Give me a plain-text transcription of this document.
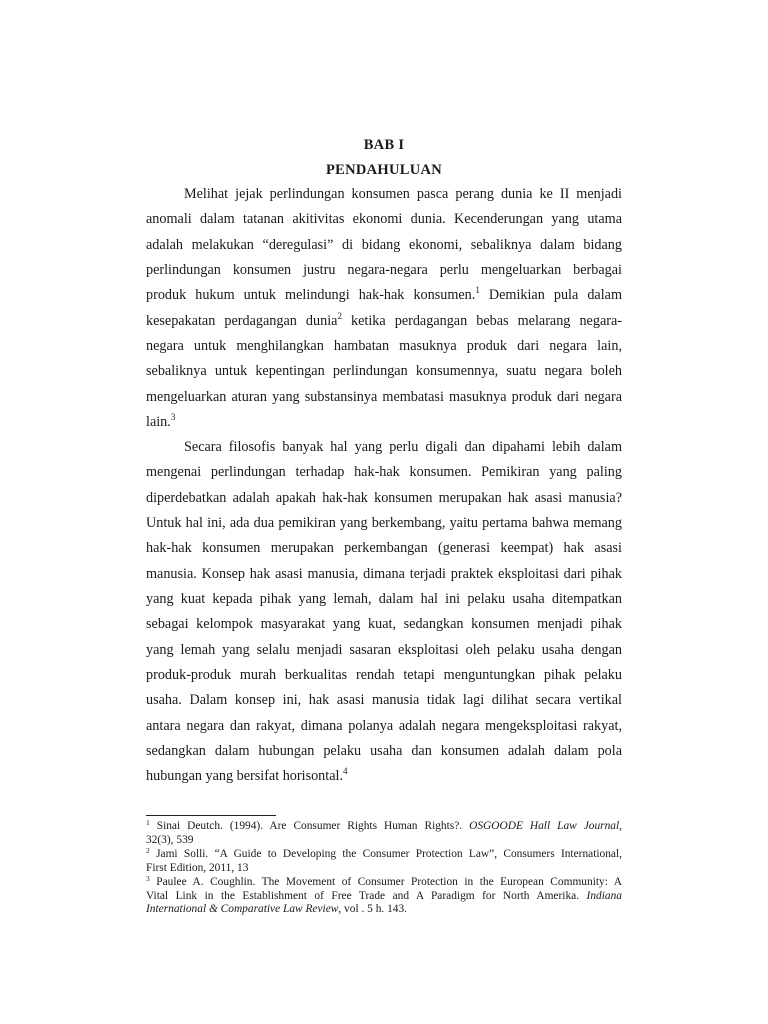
BAB I
PENDAHULUAN
Melihat jejak perlindungan konsumen pasca perang dunia ke II menjadi
anomali dalam tatanan akitivitas ekonomi dunia. Kecenderungan yang utama
adalah melakukan “deregulasi” di bidang ekonomi, sebaliknya dalam bidang
perlindungan konsumen justru negara-negara perlu mengeluarkan berbagai
produk hukum untuk melindungi hak-hak konsumen.$^1$ Demikian pula dalam
kesepakatan perdagangan dunia$^2$ ketika perdagangan bebas melarang negara-
negara untuk menghilangkan hambatan masuknya produk dari negara lain,
sebaliknya untuk kepentingan perlindungan konsumennya, suatu negara boleh
mengeluarkan aturan yang substansinya membatasi masuknya produk dari negara
lain.$^3$
Secara filosofis banyak hal yang perlu digali dan dipahami lebih dalam
mengenai perlindungan terhadap hak-hak konsumen. Pemikiran yang paling
diperdebatkan adalah apakah hak-hak konsumen merupakan hak asasi manusia?
Untuk hal ini, ada dua pemikiran yang berkembang, yaitu pertama bahwa memang
hak-hak konsumen merupakan perkembangan (generasi keempat) hak asasi
manusia. Konsep hak asasi manusia, dimana terjadi praktek eksploitasi dari pihak
yang kuat kepada pihak yang lemah, dalam hal ini pelaku usaha ditempatkan
sebagai kelompok masyarakat yang kuat, sedangkan konsumen menjadi pihak
yang lemah yang selalu menjadi sasaran eksploitasi oleh pelaku usaha dengan
produk-produk murah berkualitas rendah tetapi menguntungkan pihak pelaku
usaha. Dalam konsep ini, hak asasi manusia tidak lagi dilihat secara vertikal
antara negara dan rakyat, dimana polanya adalah negara mengeksploitasi rakyat,
sedangkan dalam hubungan pelaku usaha dan konsumen adalah dalam pola
hubungan yang bersifat horisontal.$^4$
$^1$ Sinai Deutch. (1994). Are Consumer Rights Human Rights?. OSGOODE Hall Law Journal,
32(3), 539
$^2$ Jami Solli. “A Guide to Developing the Consumer Protection Law”, Consumers International,
First Edition, 2011, 13
$^3$ Paulee A. Coughlin. The Movement of Consumer Protection in the European Community: A
Vital Link in the Establishment of Free Trade and A Paradigm for North Amerika. Indiana
International & Comparative Law Review, vol . 5 h. 143.
